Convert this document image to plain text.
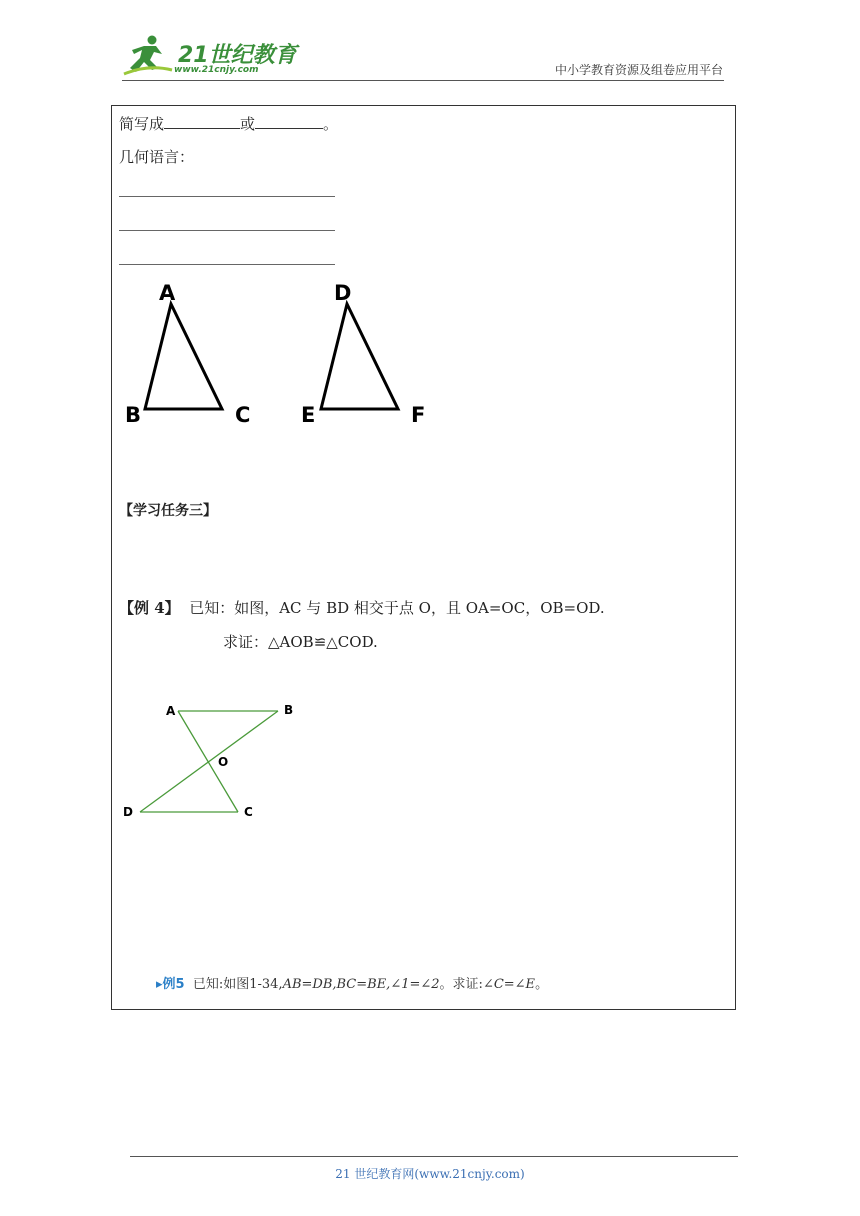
21世纪教育
www.21cnjy.com	中小学教育资源及组卷应用平台
简写成	或	。
几何语言：
A
B	C
D
E	F
【学习任务三】
【例 4】 已知：如图，AC 与 BD 相交于点 O，且 OA=OC，OB=OD.
求证：△AOB≌△COD.
A	B
O
D	C
▸例5 已知:如图1-34,AB=DB,BC=BE,∠1=∠2。求证:∠C=∠E。
21 世纪教育网(www.21cnjy.com)
